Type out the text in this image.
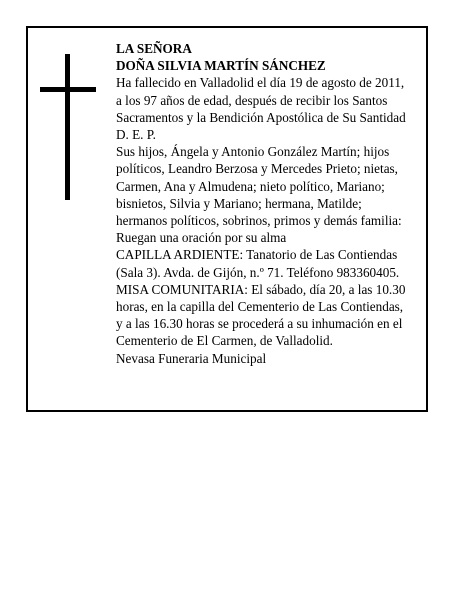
LA SEÑORA
DOÑA SILVIA MARTÍN SÁNCHEZ
Ha fallecido en Valladolid el día 19 de agosto de 2011,
a los 97 años de edad, después de recibir los Santos
Sacramentos y la Bendición Apostólica de Su Santidad
D. E. P.
Sus hijos, Ángela y Antonio González Martín; hijos
políticos, Leandro Berzosa y Mercedes Prieto; nietas,
Carmen, Ana y Almudena; nieto político, Mariano;
bisnietos, Silvia y Mariano; hermana, Matilde;
hermanos políticos, sobrinos, primos y demás familia:
Ruegan una oración por su alma
CAPILLA ARDIENTE: Tanatorio de Las Contiendas
(Sala 3). Avda. de Gijón, n.º 71. Teléfono 983360405.
MISA COMUNITARIA: El sábado, día 20, a las 10.30
horas, en la capilla del Cementerio de Las Contiendas,
y a las 16.30 horas se procederá a su inhumación en el
Cementerio de El Carmen, de Valladolid.
Nevasa Funeraria Municipal
